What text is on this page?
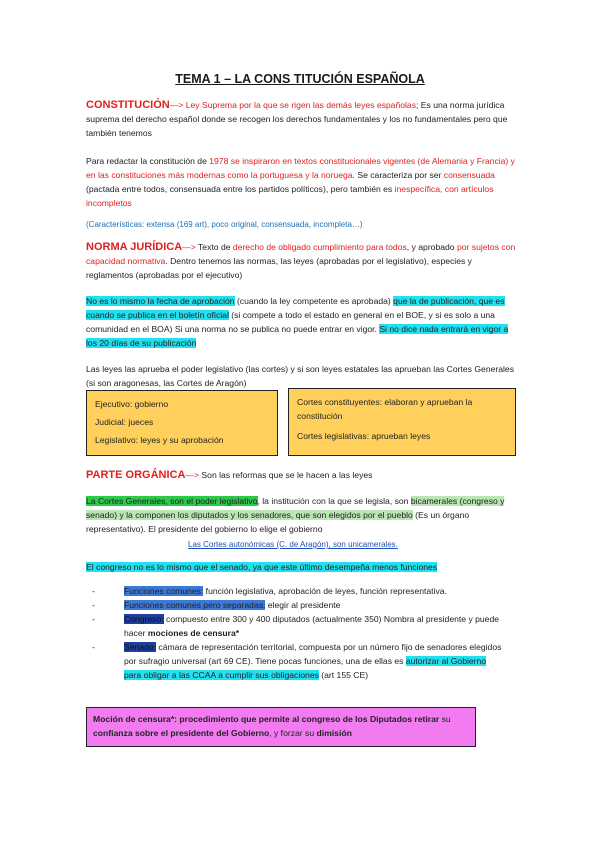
TEMA 1 – LA CONS TITUCIÓN ESPAÑOLA
CONSTITUCIÓN—> Ley Suprema por la que se rigen las demás leyes españolas; Es una norma jurídica suprema del derecho español donde se recogen los derechos fundamentales y los no fundamentales pero que también tenemos
Para redactar la constitución de 1978 se inspiraron en textos constitucionales vigentes (de Alemania y Francia) y en las constituciones más modernas como la portuguesa y la noruega. Se caracteriza por ser consensuada (pactada entre todos, consensuada entre los partidos políticos), pero también es inespecífica, con artículos incompletos
(Características: extensa (169 art), poco original, consensuada, incompleta…)
NORMA JURÍDICA—> Texto de derecho de obligado cumplimiento para todos, y aprobado por sujetos con capacidad normativa. Dentro tenemos las normas, las leyes (aprobadas por el legislativo), especies y reglamentos (aprobadas por el ejecutivo)
No es lo mismo la fecha de aprobación (cuando la ley competente es aprobada) que la de publicación, que es cuando se publica en el boletín oficial (si compete a todo el estado en general en el BOE, y si es solo a una comunidad en el BOA) Si una norma no se publica no puede entrar en vigor. Si no dice nada entrará en vigor a los 20 días de su publicación
Las leyes las aprueba el poder legislativo (las cortes) y si son leyes estatales las aprueban las Cortes Generales (si son aragonesas, las Cortes de Aragón)
Ejecutivo: gobierno
Judicial: jueces
Legislativo: leyes y su aprobación
Cortes constituyentes: elaboran y aprueban la constitución
Cortes legislativas: aprueban leyes
PARTE ORGÁNICA—> Son las reformas que se le hacen a las leyes
La Cortes Generales, son el poder legislativo, la institución con la que se legisla, son bicamerales (congreso y senado) y la componen los diputados y los senadores, que son elegidos por el pueblo (Es un órgano representativo). El presidente del gobierno lo elige el gobierno
Las Cortes autonómicas (C. de Aragón), son unicamerales.
El congreso no es lo mismo que el senado, ya que este último desempeña menos funciones
-	Funciones comunes: función legislativa, aprobación de leyes, función representativa.
-	Funciones comunes pero separadas: elegir al presidente
-	Congreso: compuesto entre 300 y 400 diputados (actualmente 350) Nombra al presidente y puede hacer mociones de censura*
-	Senado: cámara de representación territorial, compuesta por un número fijo de senadores elegidos por sufragio universal (art 69 CE). Tiene pocas funciones, una de ellas es autorizar al Gobierno para obligar a las CCAA a cumplir sus obligaciones (art 155 CE)
Moción de censura*: procedimiento que permite al congreso de los Diputados retirar su confianza sobre el presidente del Gobierno, y forzar su dimisión
